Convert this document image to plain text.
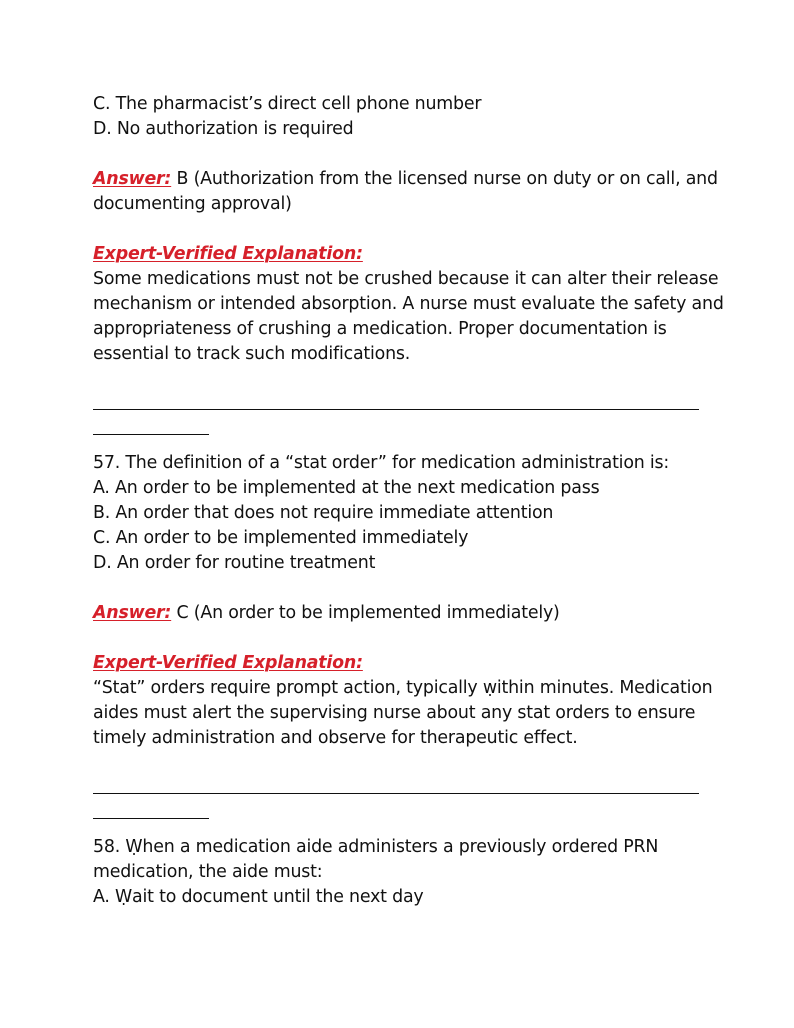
C. The pharmacist’s direct cell phone number
D. No authorization is required
Answer: B (Authorization from the licensed nurse on duty or on call, and
documenting approval)
Expert-Verified Explanation:
Some medications must not be crushed because it can alter their release
mechanism or intended absorption. A nurse must evaluate the safety and
appropriateness of crushing a medication. Proper documentation is
essential to track such modifications.
57. The definition of a “stat order” for medication administration is:
A. An order to be implemented at the next medication pass
B. An order that does not require immediate attention
C. An order to be implemented immediately
D. An order for routine treatment
Answer: C (An order to be implemented immediately)
Expert-Verified Explanation:
“Stat” orders require prompt action, typically ẉithin minutes. Medication
aides must alert the supervising nurse about any stat orders to ensure
timely administration and observe for therapeutic effect.
58. Ẉhen a medication aide administers a previously ordered PRN
medication, the aide must:
A. Ẉait to document until the next day
